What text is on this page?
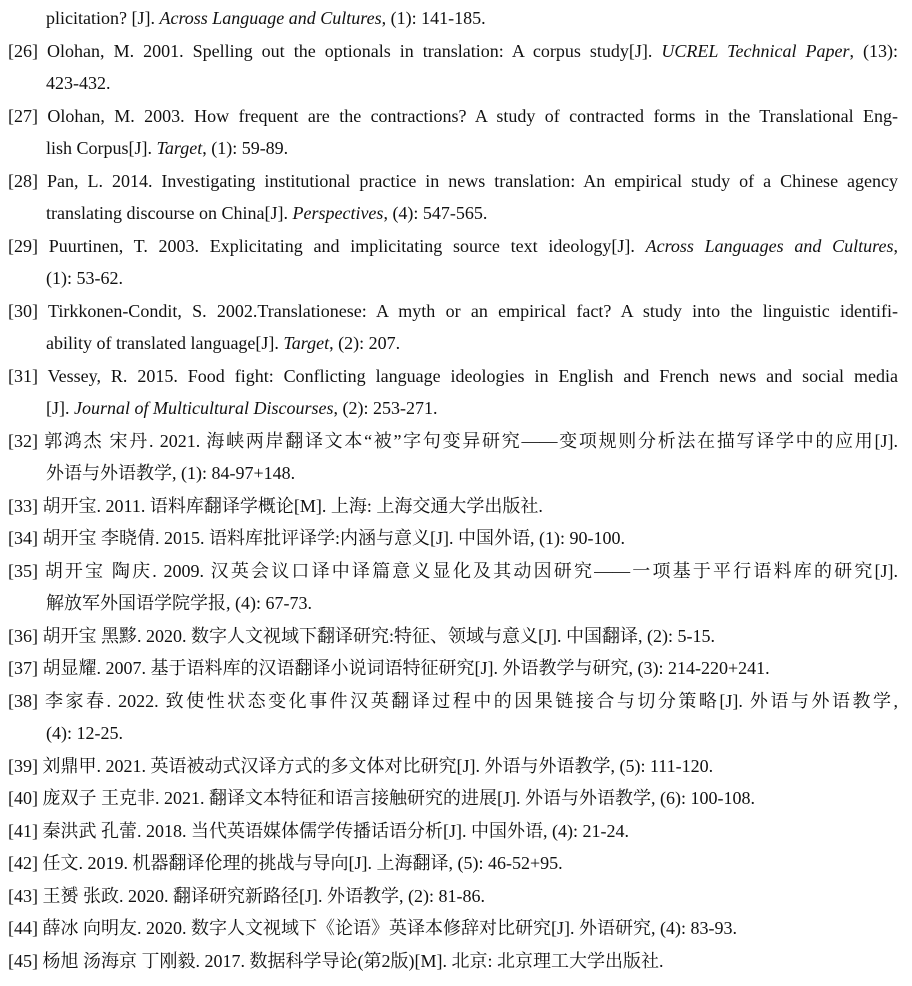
plicitation? [J]. Across Language and Cultures, (1): 141-185.
[26] Olohan, M. 2001. Spelling out the optionals in translation: A corpus study[J]. UCREL Technical Paper, (13):
423-432.
[27] Olohan, M. 2003. How frequent are the contractions? A study of contracted forms in the Translational Eng-
lish Corpus[J]. Target, (1): 59-89.
[28] Pan, L. 2014. Investigating institutional practice in news translation: An empirical study of a Chinese agency
translating discourse on China[J]. Perspectives, (4): 547-565.
[29] Puurtinen, T. 2003. Explicitating and implicitating source text ideology[J]. Across Languages and Cultures,
(1): 53-62.
[30] Tirkkonen-Condit, S. 2002.Translationese: A myth or an empirical fact? A study into the linguistic identifi-
ability of translated language[J]. Target, (2): 207.
[31] Vessey, R. 2015. Food fight: Conflicting language ideologies in English and French news and social media
[J]. Journal of Multicultural Discourses, (2): 253-271.
[32] 郭鸿杰 宋丹. 2021. 海峡两岸翻译文本“被”字句变异研究——变项规则分析法在描写译学中的应用[J].
外语与外语教学, (1): 84-97+148.
[33] 胡开宝. 2011. 语料库翻译学概论[M]. 上海: 上海交通大学出版社.
[34] 胡开宝 李晓倩. 2015. 语料库批评译学:内涵与意义[J]. 中国外语, (1): 90-100.
[35] 胡开宝 陶庆. 2009. 汉英会议口译中译篇意义显化及其动因研究——一项基于平行语料库的研究[J].
解放军外国语学院学报, (4): 67-73.
[36] 胡开宝 黑黟. 2020. 数字人文视域下翻译研究:特征、领域与意义[J]. 中国翻译, (2): 5-15.
[37] 胡显耀. 2007. 基于语料库的汉语翻译小说词语特征研究[J]. 外语教学与研究, (3): 214-220+241.
[38] 李家春. 2022. 致使性状态变化事件汉英翻译过程中的因果链接合与切分策略[J]. 外语与外语教学,
(4): 12-25.
[39] 刘鼎甲. 2021. 英语被动式汉译方式的多文体对比研究[J]. 外语与外语教学, (5): 111-120.
[40] 庞双子 王克非. 2021. 翻译文本特征和语言接触研究的进展[J]. 外语与外语教学, (6): 100-108.
[41] 秦洪武 孔蕾. 2018. 当代英语媒体儒学传播话语分析[J]. 中国外语, (4): 21-24.
[42] 任文. 2019. 机器翻译伦理的挑战与导向[J]. 上海翻译, (5): 46-52+95.
[43] 王赟 张政. 2020. 翻译研究新路径[J]. 外语教学, (2): 81-86.
[44] 薛冰 向明友. 2020. 数字人文视域下《论语》英译本修辞对比研究[J]. 外语研究, (4): 83-93.
[45] 杨旭 汤海京 丁刚毅. 2017. 数据科学导论(第2版)[M]. 北京: 北京理工大学出版社.
